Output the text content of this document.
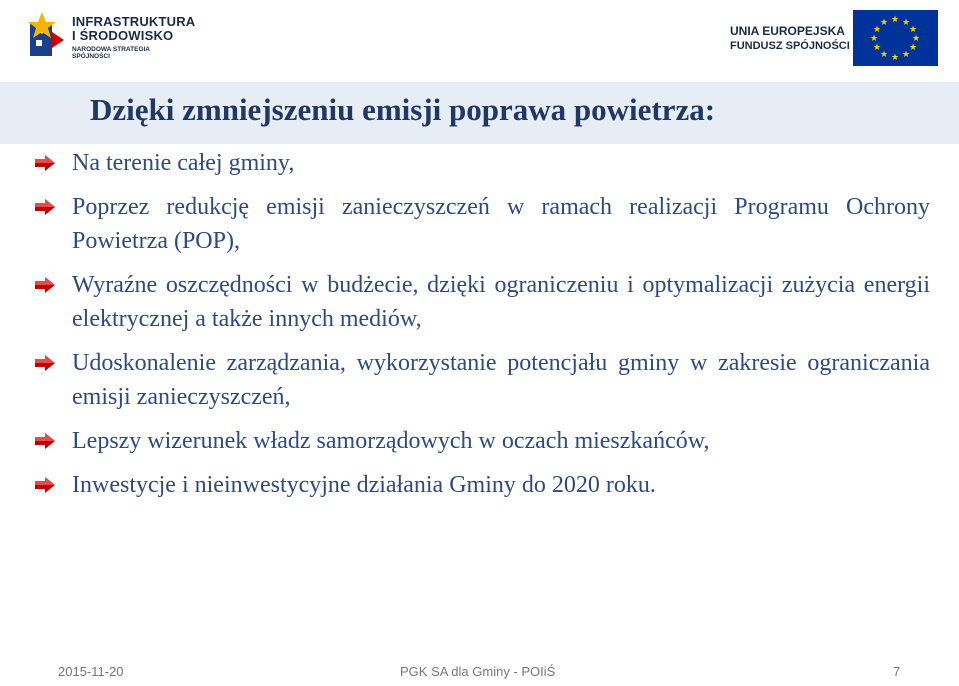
INFRASTRUKTURA
I ŚRODOWISKO
NARODOWA STRATEGIA SPÓJNOŚCI
UNIA EUROPEJSKA
FUNDUSZ SPÓJNOŚCI
★ ★
★
★
★
★
★
★
★
★
★
★
Dzięki zmniejszeniu emisji poprawa powietrza:
Na terenie całej gminy,
Poprzez redukcję emisji zanieczyszczeń w ramach realizacji Programu Ochrony Powietrza (POP),
Wyraźne oszczędności w budżecie, dzięki ograniczeniu i optymalizacji zużycia energii elektrycznej a także innych mediów,
Udoskonalenie zarządzania, wykorzystanie potencjału gminy w zakresie ograniczania emisji zanieczyszczeń,
Lepszy wizerunek władz samorządowych w oczach mieszkańców,
Inwestycje i nieinwestycyjne działania Gminy do 2020 roku.
2015-11-20	PGK SA dla Gminy - POIiŚ	7
